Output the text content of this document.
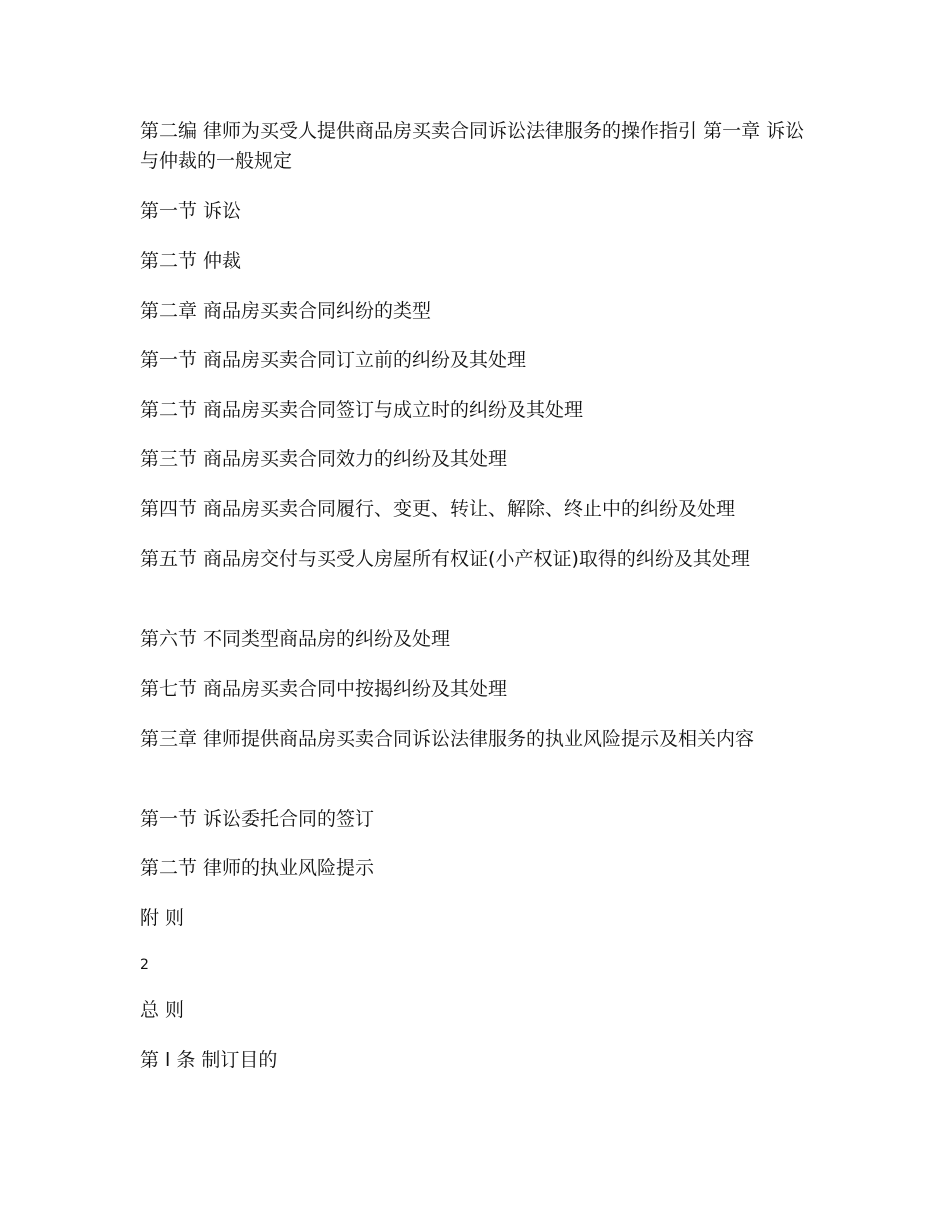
第二编 律师为买受人提供商品房买卖合同诉讼法律服务的操作指引 第一章 诉讼与仲裁的一般规定
第一节 诉讼
第二节 仲裁
第二章 商品房买卖合同纠纷的类型
第一节 商品房买卖合同订立前的纠纷及其处理
第二节 商品房买卖合同签订与成立时的纠纷及其处理
第三节 商品房买卖合同效力的纠纷及其处理
第四节 商品房买卖合同履行、变更、转让、解除、终止中的纠纷及处理
第五节 商品房交付与买受人房屋所有权证(小产权证)取得的纠纷及其处理
第六节 不同类型商品房的纠纷及处理
第七节 商品房买卖合同中按揭纠纷及其处理
第三章 律师提供商品房买卖合同诉讼法律服务的执业风险提示及相关内容
第一节 诉讼委托合同的签订
第二节 律师的执业风险提示
附 则
2
总 则
第 l 条 制订目的
